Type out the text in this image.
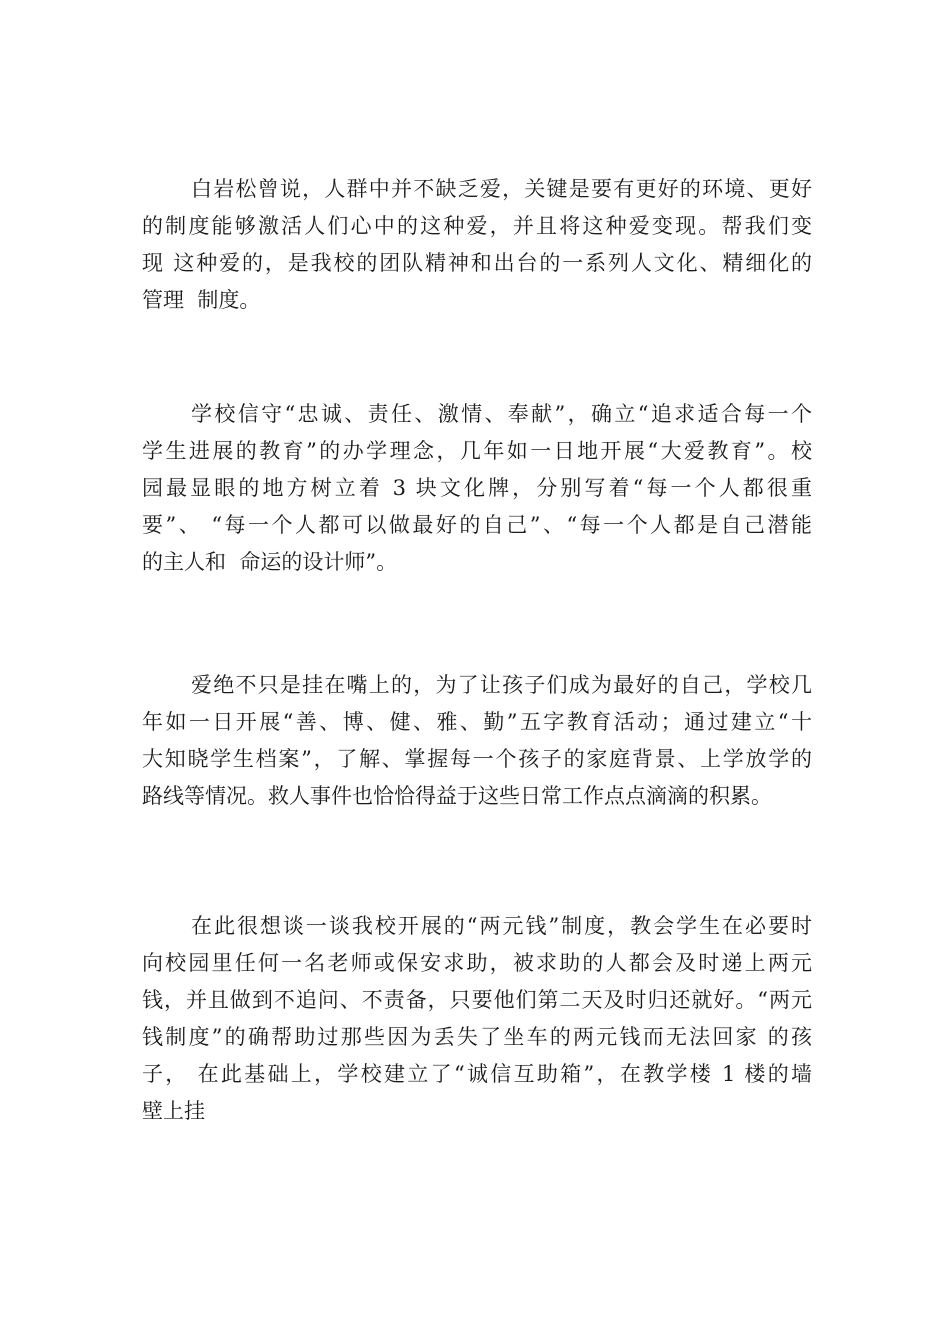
白岩松曾说，人群中并不缺乏爱，关键是要有更好的环境、更好
的制度能够激活人们心中的这种爱，并且将这种爱变现。帮我们变
现 这种爱的，是我校的团队精神和出台的一系列人文化、精细化的
管理  制度。
学校信守“忠诚、责任、激情、奉献”，确立“追求适合每一个
学生进展的教育”的办学理念，几年如一日地开展“大爱教育”。校
园最显眼的地方树立着 3 块文化牌，分别写着“每一个人都很重
要”、 “每一个人都可以做最好的自己”、“每一个人都是自己潜能
的主人和  命运的设计师”。
爱绝不只是挂在嘴上的，为了让孩子们成为最好的自己，学校几
年如一日开展“善、博、健、雅、勤”五字教育活动；通过建立“十
大知晓学生档案”，了解、掌握每一个孩子的家庭背景、上学放学的
路线等情况。救人事件也恰恰得益于这些日常工作点点滴滴的积累。
在此很想谈一谈我校开展的“两元钱”制度，教会学生在必要时
向校园里任何一名老师或保安求助，被求助的人都会及时递上两元
钱，并且做到不追问、不责备，只要他们第二天及时归还就好。“两元
钱制度”的确帮助过那些因为丢失了坐车的两元钱而无法回家 的孩
子， 在此基础上，学校建立了“诚信互助箱”，在教学楼 1 楼的墙
壁上挂
